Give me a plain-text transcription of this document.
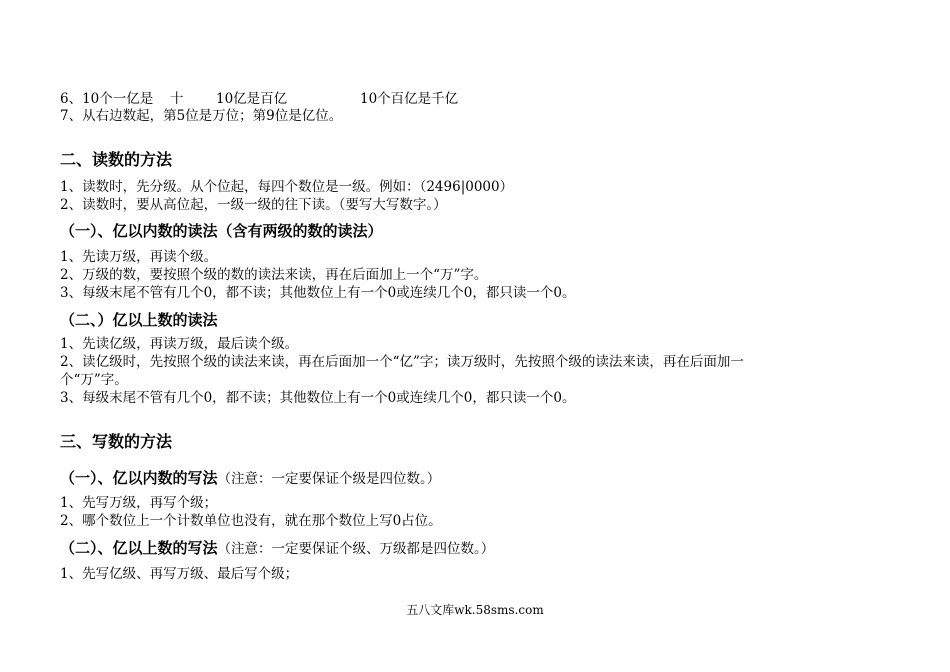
6、10个一亿是 十 10亿是百亿	10个百亿是千亿
7、从右边数起，第5位是万位；第9位是亿位。
二、读数的方法
1、读数时，先分级。从个位起，每四个数位是一级。例如：（2496|0000）
2、读数时，要从高位起，一级一级的往下读。（要写大写数字。）
（一）、亿以内数的读法（含有两级的数的读法）
1、先读万级，再读个级。
2、万级的数，要按照个级的数的读法来读，再在后面加上一个“万”字。
3、每级末尾不管有几个0，都不读；其他数位上有一个0或连续几个0，都只读一个0。
（二、）亿以上数的读法
1、先读亿级，再读万级，最后读个级。
2、读亿级时，先按照个级的读法来读，再在后面加一个“亿”字；读万级时，先按照个级的读法来读，再在后面加一
个“万”字。
3、每级末尾不管有几个0，都不读；其他数位上有一个0或连续几个0，都只读一个0。
三、写数的方法
（一）、亿以内数的写法（注意：一定要保证个级是四位数。）
1、先写万级，再写个级；
2、哪个数位上一个计数单位也没有，就在那个数位上写0占位。
（二）、亿以上数的写法（注意：一定要保证个级、万级都是四位数。）
1、先写亿级、再写万级、最后写个级；
五八文库wk.58sms.com
